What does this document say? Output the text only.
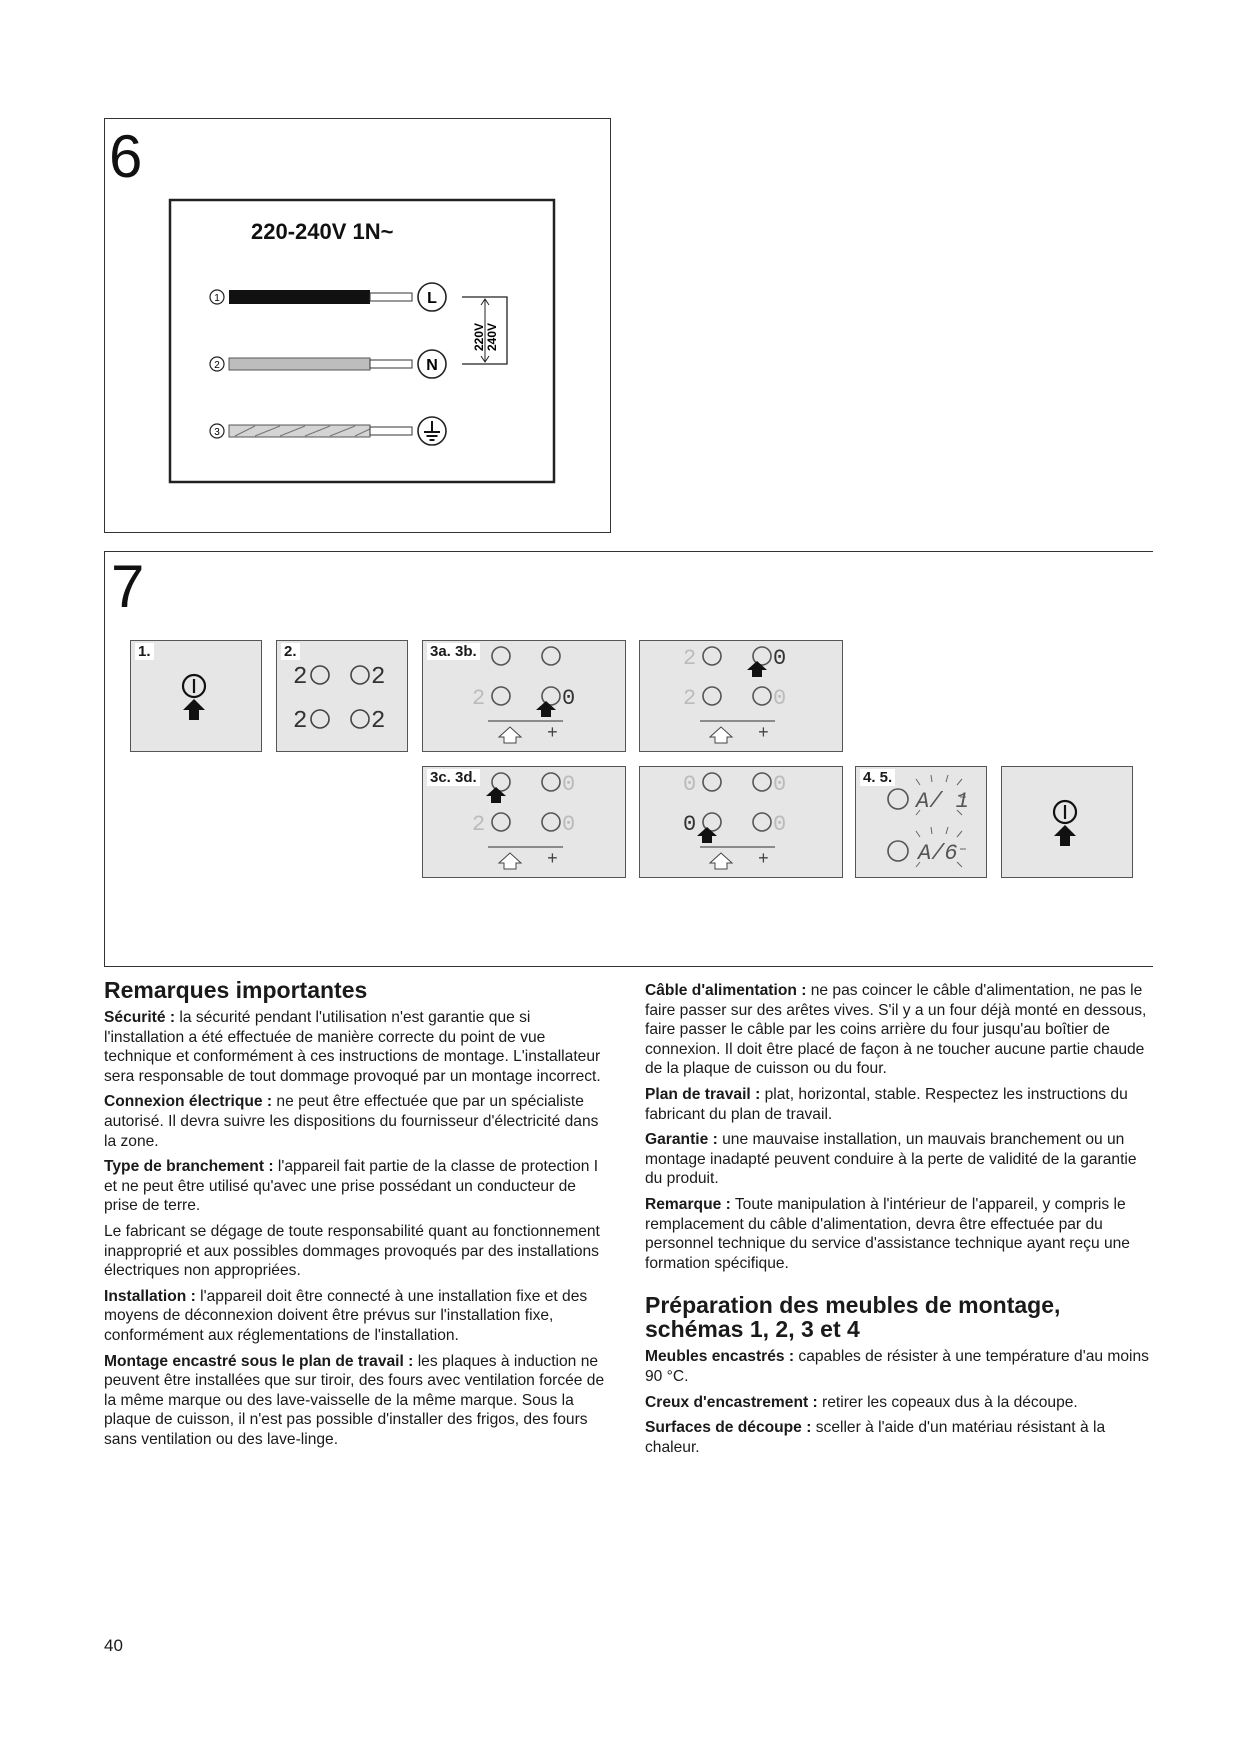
6
220-240V 1N~
1	L
2	N
3
220V 240V
7
1.	2.
2	2
2	2
3a. 3b.
2	0
+
2	0
2	0
+
3c. 3d.	0
2	0
+
0	0
0	0
+
4. 5.
A/ 1
A/6
Remarques importantes

Sécurité : la sécurité pendant l'utilisation n'est garantie que si l'installation a été effectuée de manière correcte du point de vue technique et conformément à ces instructions de montage. L'installateur sera responsable de tout dommage provoqué par un montage incorrect.

Connexion électrique : ne peut être effectuée que par un spécialiste autorisé. Il devra suivre les dispositions du fournisseur d'électricité dans la zone.

Type de branchement : l'appareil fait partie de la classe de protection I et ne peut être utilisé qu'avec une prise possédant un conducteur de prise de terre.

Le fabricant se dégage de toute responsabilité quant au fonctionnement inapproprié et aux possibles dommages provoqués par des installations électriques non appropriées.

Installation : l'appareil doit être connecté à une installation fixe et des moyens de déconnexion doivent être prévus sur l'installation fixe, conformément aux réglementations de l'installation.

Montage encastré sous le plan de travail : les plaques à induction ne peuvent être installées que sur tiroir, des fours avec ventilation forcée de la même marque ou des lave-vaisselle de la même marque. Sous la plaque de cuisson, il n'est pas possible d'installer des frigos, des fours sans ventilation ou des lave-linge.

Câble d'alimentation : ne pas coincer le câble d'alimentation, ne pas le faire passer sur des arêtes vives. S'il y a un four déjà monté en dessous, faire passer le câble par les coins arrière du four jusqu'au boîtier de connexion. Il doit être placé de façon à ne toucher aucune partie chaude de la plaque de cuisson ou du four.

Plan de travail : plat, horizontal, stable. Respectez les instructions du fabricant du plan de travail.

Garantie : une mauvaise installation, un mauvais branchement ou un montage inadapté peuvent conduire à la perte de validité de la garantie du produit.

Remarque : Toute manipulation à l'intérieur de l'appareil, y compris le remplacement du câble d'alimentation, devra être effectuée par du personnel technique du service d'assistance technique ayant reçu une formation spécifique.

Préparation des meubles de montage, schémas 1, 2, 3 et 4

Meubles encastrés : capables de résister à une température d'au moins 90 °C.

Creux d'encastrement : retirer les copeaux dus à la découpe.

Surfaces de découpe : sceller à l'aide d'un matériau résistant à la chaleur.

40
